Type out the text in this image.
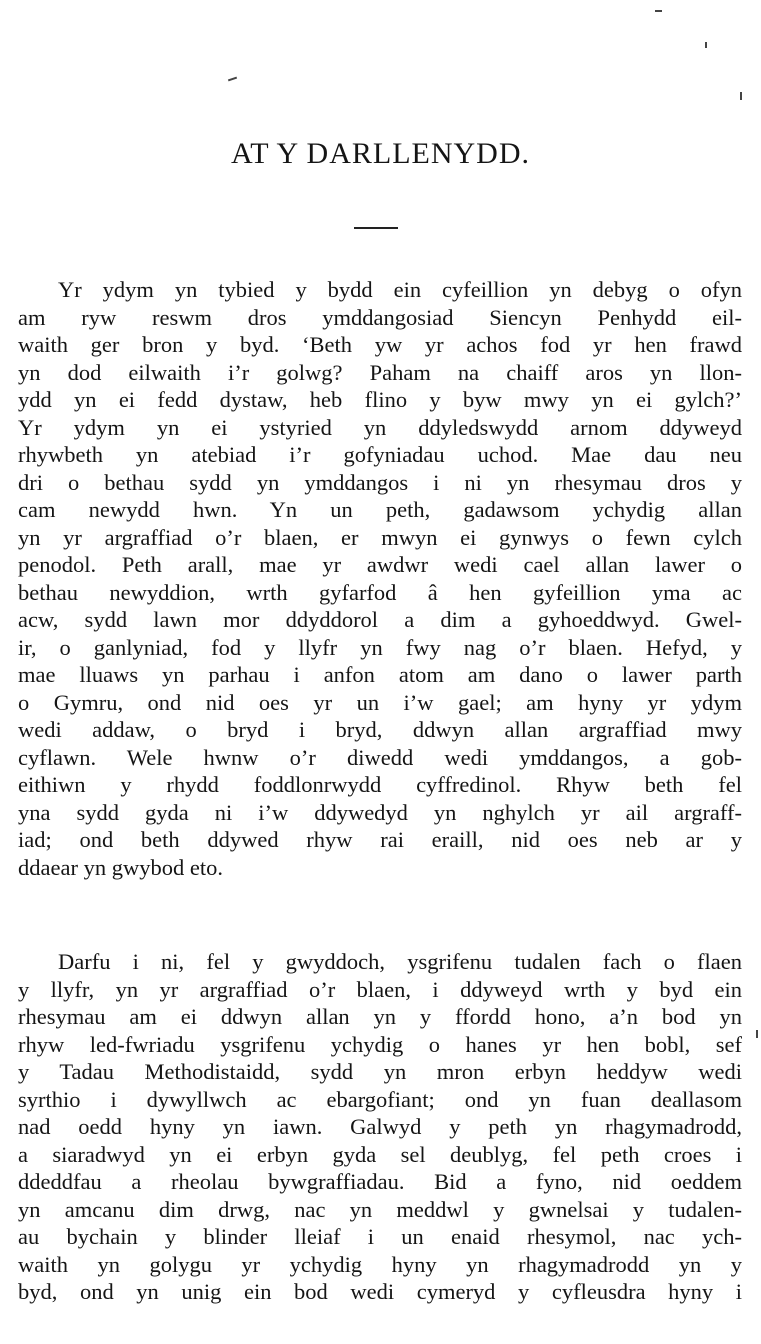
AT Y DARLLENYDD.
Yr ydym yn tybied y bydd ein cyfeillion yn debyg o ofyn
am ryw reswm dros ymddangosiad Siencyn Penhydd eil-
waith ger bron y byd. ‘Beth yw yr achos fod yr hen frawd
yn dod eilwaith i’r golwg? Paham na chaiff aros yn llon-
ydd yn ei fedd dystaw, heb flino y byw mwy yn ei gylch?’
Yr ydym yn ei ystyried yn ddyledswydd arnom ddyweyd
rhywbeth yn atebiad i’r gofyniadau uchod. Mae dau neu
dri o bethau sydd yn ymddangos i ni yn rhesymau dros y
cam newydd hwn. Yn un peth, gadawsom ychydig allan
yn yr argraffiad o’r blaen, er mwyn ei gynwys o fewn cylch
penodol. Peth arall, mae yr awdwr wedi cael allan lawer o
bethau newyddion, wrth gyfarfod â hen gyfeillion yma ac
acw, sydd lawn mor ddyddorol a dim a gyhoeddwyd. Gwel-
ir, o ganlyniad, fod y llyfr yn fwy nag o’r blaen. Hefyd, y
mae lluaws yn parhau i anfon atom am dano o lawer parth
o Gymru, ond nid oes yr un i’w gael; am hyny yr ydym
wedi addaw, o bryd i bryd, ddwyn allan argraffiad mwy
cyflawn. Wele hwnw o’r diwedd wedi ymddangos, a gob-
eithiwn y rhydd foddlonrwydd cyffredinol. Rhyw beth fel
yna sydd gyda ni i’w ddywedyd yn nghylch yr ail argraff-
iad; ond beth ddywed rhyw rai eraill, nid oes neb ar y
ddaear yn gwybod eto.
Darfu i ni, fel y gwyddoch, ysgrifenu tudalen fach o flaen
y llyfr, yn yr argraffiad o’r blaen, i ddyweyd wrth y byd ein
rhesymau am ei ddwyn allan yn y ffordd hono, a’n bod yn
rhyw led-fwriadu ysgrifenu ychydig o hanes yr hen bobl, sef
y Tadau Methodistaidd, sydd yn mron erbyn heddyw wedi
syrthio i dywyllwch ac ebargofiant; ond yn fuan deallasom
nad oedd hyny yn iawn. Galwyd y peth yn rhagymadrodd,
a siaradwyd yn ei erbyn gyda sel deublyg, fel peth croes i
ddeddfau a rheolau bywgraffiadau. Bid a fyno, nid oeddem
yn amcanu dim drwg, nac yn meddwl y gwnelsai y tudalen-
au bychain y blinder lleiaf i un enaid rhesymol, nac ych-
waith yn golygu yr ychydig hyny yn rhagymadrodd yn y
byd, ond yn unig ein bod wedi cymeryd y cyfleusdra hyny i
